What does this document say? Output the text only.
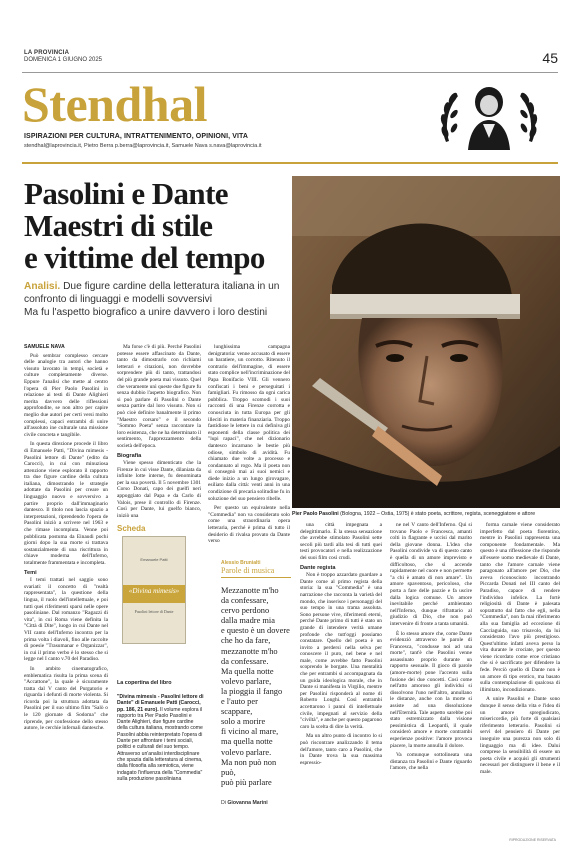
LA PROVINCIA
DOMENICA 1 GIUGNO 2025	45
Stendhal
ISPIRAZIONI PER CULTURA, INTRATTENIMENTO, OPINIONI, VITA
stendhal@laprovincia.it, Pietro Berra p.berra@laprovincia.it, Samuele Nava s.nava@laprovincia.it
Pasolini e Dante
Maestri di stile
e vittime del tempo
Analisi. Due figure cardine della letteratura italiana in un confronto di linguaggi e modelli sovversivi
Ma fu l'aspetto biografico a unire davvero i loro destini
Pier Paolo Pasolini (Bologna, 1922 – Ostia, 1975) è stato poeta, scrittore, regista, sceneggiatore e attore

SAMUELE NAVA

Può sembrar complesso cercare delle analogie tra autori che hanno vissuto lavorato in tempi, società e culture completamente diverse. Eppure l'analisi che mette al centro l'opera di Pier Paolo Pasolini in relazione ai testi di Dante Alighieri merita davvero delle riflessioni approfondite, se non altro per capire meglio due autori per certi versi molto complessi, capaci entrambi di unire all'assoluto ine culturale una missione civile concreta e tangibile.

In questa direzione procede il libro di Emanuele Patti, "Divina mimesis - Pasolini lettore di Dante" (edito da Carocci), in cui con minuziosa attenzione viene esplorato il rapporto tra due figure cardine della cultura italiana, dimostrando le strategie adottate da Pasolini per creare un linguaggio nuovo e sovversivo a partire proprio dall'immaginario dantesco. Il titolo non lascia spazio a interpretazioni, riprendendo l'opera de Pasolini iniziò a scrivere nel 1963 e che rimase incompiuta. Venne poi pubblicata postuma da Einaudi pochi giorni dopo la sua morte si trattava sostanzialmente di una riscrittura in chiave moderna dell'Inferno, totalmente frammentata e incompleta.

Temi

I temi trattati nel saggio sono svariati: il concetto di "realtà rappresentata", la questione della lingua, il ruolo dell'intellettuale, e poi tutti quei riferimenti sparsi nelle opere pasoliniane. Dal romanzo "Ragazzi di vita", in cui Roma viene definita la "Città di Dite", luogo in cui Dante nel VII canto dell'Inferno incontra per la prima volta i diavoli, fino alle raccolte di poesie "Trasumanar e Organizzar", in cui il primo verbo è lo stesso che si legge nel I canto v.70 del Paradiso.

In ambito cinematografico, emblematica risulta la prima scena di "Accattone", la quale è sicuramente tratta dal V canto del Purgatorio e riguarda i defunti di morte violenta. Si ricorda poi la struttura adottata da Pasolini per il suo ultimo film "Salò o le 120 giornate di Sodoma" che riprende, per confessione dello stesso autore, le cerchie infernali dantesche.

Ma forse c'è di più. Perché Pasolini potesse essere affascinato da Dante, tanto da dimostrarlo con richiami letterari e citazioni, non dovrebbe sorprendere più di tanto, trattandosi del più grande poeta mai vissuto. Quel che veramente unì queste due figure fu senza dubbio l'aspetto biografico. Non si può parlare di Pasolini o Dante senza partire dal loro vissuto. Non si può cioè definire banalmente il primo "Maestro corsaro" e il secondo "Sommo Poeta" senza raccontare la loro esistenza, che ne ha determinato il sentimento, l'apprezzamento della società dell'epoca.

Biografia

Viene spesso dimenticato che la Firenze in cui visse Dante, dilaniata da infinite lotte interne, fu denominata per la sua povertà. Il 5 novembre 1301 Corso Donati, capo dei guelfi neri appoggiato dal Papa e da Carlo di Valois, prese il controllo di Firenze. Così per Dante, lui guelfo bianco, iniziò una

lunghissima campagna denigratoria: venne accusato di essere un baratiere, un corrotto. Ritenuto il contrario dell'immagine, di essere stato complice nell'incriminazione del Papa Bonifacio VIII. Gli vennero confiscati i beni e perseguitati i famigliari. Fu rimosso da ogni carica pubblica. Troppo scomodi i suoi racconti di una Firenze corrotta e conosciuta in tutta Europa per gli illeciti in materia finanziaria. Troppo fastidiose le lettere in cui definiva gli esponenti della classe politica dei "lupi rapaci", che nel dizionario dantesco incarnano le bestie più odiose, simbolo di avidità. Fu chiamato due volte a processo e condannato al rogo. Ma il poeta non si consegnò mai ai suoi nemici e diede inizio a un lungo girovagare, esiliato dalla città: venti anni in una condizione di precaria solitudine fu in soluzione del suo pensiero ribelle.

Per questo un equivalente nella "Commedia" non va considerato solo come una straordinaria opera letteraria, perché è prima di tutto il desiderio di rivalsa provato da Dante verso

Scheda
Emanuele Patti
«Divina mimesis»
Pasolini lettore di Dante
La copertina del libro
"Divina mimesis - Pasolini lettore di Dante" di Emanuele Patti (Carocci, pp. 186, 21 euro). Il volume esplora il rapporto tra Pier Paolo Pasolini e Dante Alighieri, due figure cardine della cultura italiana, mostrando come Pasolini abbia reinterpretato l'opera di Dante per affrontare i temi sociali, politici e culturali del suo tempo. Attraverso un'analisi interdisciplinare che spazia dalla letteratura al cinema, dalla filosofia alla semiotica, viene indagato l'influenza della "Commedia" sulla produzione pasoliniana
Alessio Brunialti
Parole di musica
Mezzanotte m'ho
da confessare,
cervo perdono
dalla madre mia
e questo è un dovere
che ho da fare,
mezzanotte m'ho
da confessare.
Ma quella notte
volevo parlare,
la pioggia il fango
e l'auto per scappare,
solo a morire
fi vicino al mare,
ma quella notte
volevo parlare.
Ma non può non può,
può più parlare
Di Giovanna Marini

una città impegnata a delegittimarlo. È la stessa sensazione che avrebbe stimolato Pasolini sette secoli più tardi alla tesi di tutti quei testi provocatori e nella realizzazione dei suoi film così crudi.

Dante regista

Non è troppo azzardato guardare a Dante come al primo regista della storia: la sua "Commedia" è una narrazione che racconta la varietà del mondo, che inserisce i personaggi del suo tempo in una trama assoluta. Sono persone vive, riferimenti eterni, perché Dante primo di tutti è stato un grande di intendere verità umane profonde che tutt'oggi possiamo constatare. Quello del poeta è un invito a perdersi nella selva per conoscere il puro, nel bene e nel male, come avrebbe fatto Pasolini scoprendo le borgate. Una mentalità che per entrambi si accompagnata da un guida ideologica morale, che in Dante si manifesta in Virgilio, mentre per Pasolini risponderà al nome di Roberto Longhi. Così entrambi accettarono i panni di intellettuale civile, impegnati al servizio della "civiltà", e anche per questo pagarono caro la scelta di dire la verità.

Ma un altro punto di incontro lo si può riscontrare analizzando il tema dell'amore, tanto caro a Pasolini, che in Dante trova la sua massima espressio-

ne nel V canto dell'Inferno. Qui si trovano Paolo e Francesca, amanti colti in flagrante e uccisi dal marito della giovane donna. L'idea che Pasolini condivide va di questo canto è quella di un amore imprevisto e difficoltoso, che sì accende rapidamente nel cuore e non permette "a chi è amato di non amare". Un amore spaventoso, pericoloso, che porta a fare delle pazzie e fa uscire dalla logica comune. Un amore inevitabile perché ambientato nell'Inferno, dunque rifrattario al giudizio di Dio, che non può intervenire di fronte a tanta umanità.

È lo stesso amore che, come Dante evidenziò attraverso le parole di Francesca, "condusse noi ad una morte", tant'è che Pasolini venne assassinato proprio durante un rapporto sessuale. Il gioco di parole (amore-morte) pone l'accento sulla fusione dei due concetti. Così come nell'atto amoroso gli individui si dissolvono l'uno nell'altro, annullano le distanze, anche con la morte si assiste ad una dissoluzione nell'Eternità. Tale aspetto sarebbe poi stato estremizzato dalla visione pessimistica di Leopardi, il quale considerò amore e morte contrambi esperienze positive: l'amore provoca piacere, la morte annulla il dolore.

Va comunque sottolineata una distanza tra Pasolini e Dante riguardo l'amore, che nella

forma carnale viene considerato imperfetto dal poeta fiorentino, mentre in Pasolini rappresenta una componente fondamentale. Ma questo è una riflessione che risponde all'essere uomo medievale di Dante, tanto che l'amore carnale viene paragonato all'amore per Dio, che aveva riconosciuto incontrando Piccarda Donati nel III canto del Paradiso, capace di rendere l'individuo infelice. La fortè religiosità di Dante è palesata soprattutto dal fatto che egli, nella "Commedia", non fa mai riferimento alla sua famiglia ad eccezione di Cacciaguida, suo trisavolo, da lui considerato l'avo più prestigioso. Quest'ultimo infatti aveva perso la vita durante le crociate, per questo viene ricordato come eroe cristiano che si è sacrificato per difendere la fede. Perciò quello di Dante non è un amore di tipo erotico, ma basato sulla contemplazione di qualcosa di illimitato, incondizionato.

A unire Pasolini e Dante sono dunque il senso della vita e l'idea di un amore spregiudicato, misericordie, più forte di qualsiasi riferimento letterario. Pasolini si servì del pensiero di Dante per inseguire una purezza non solo di linguaggio ma di idee. Dalui comprese la sensibilità di essere un poeta civile e acquisì gli strumenti necessari per distinguere il bene e il male.

RIPRODUZIONE RISERVATA
